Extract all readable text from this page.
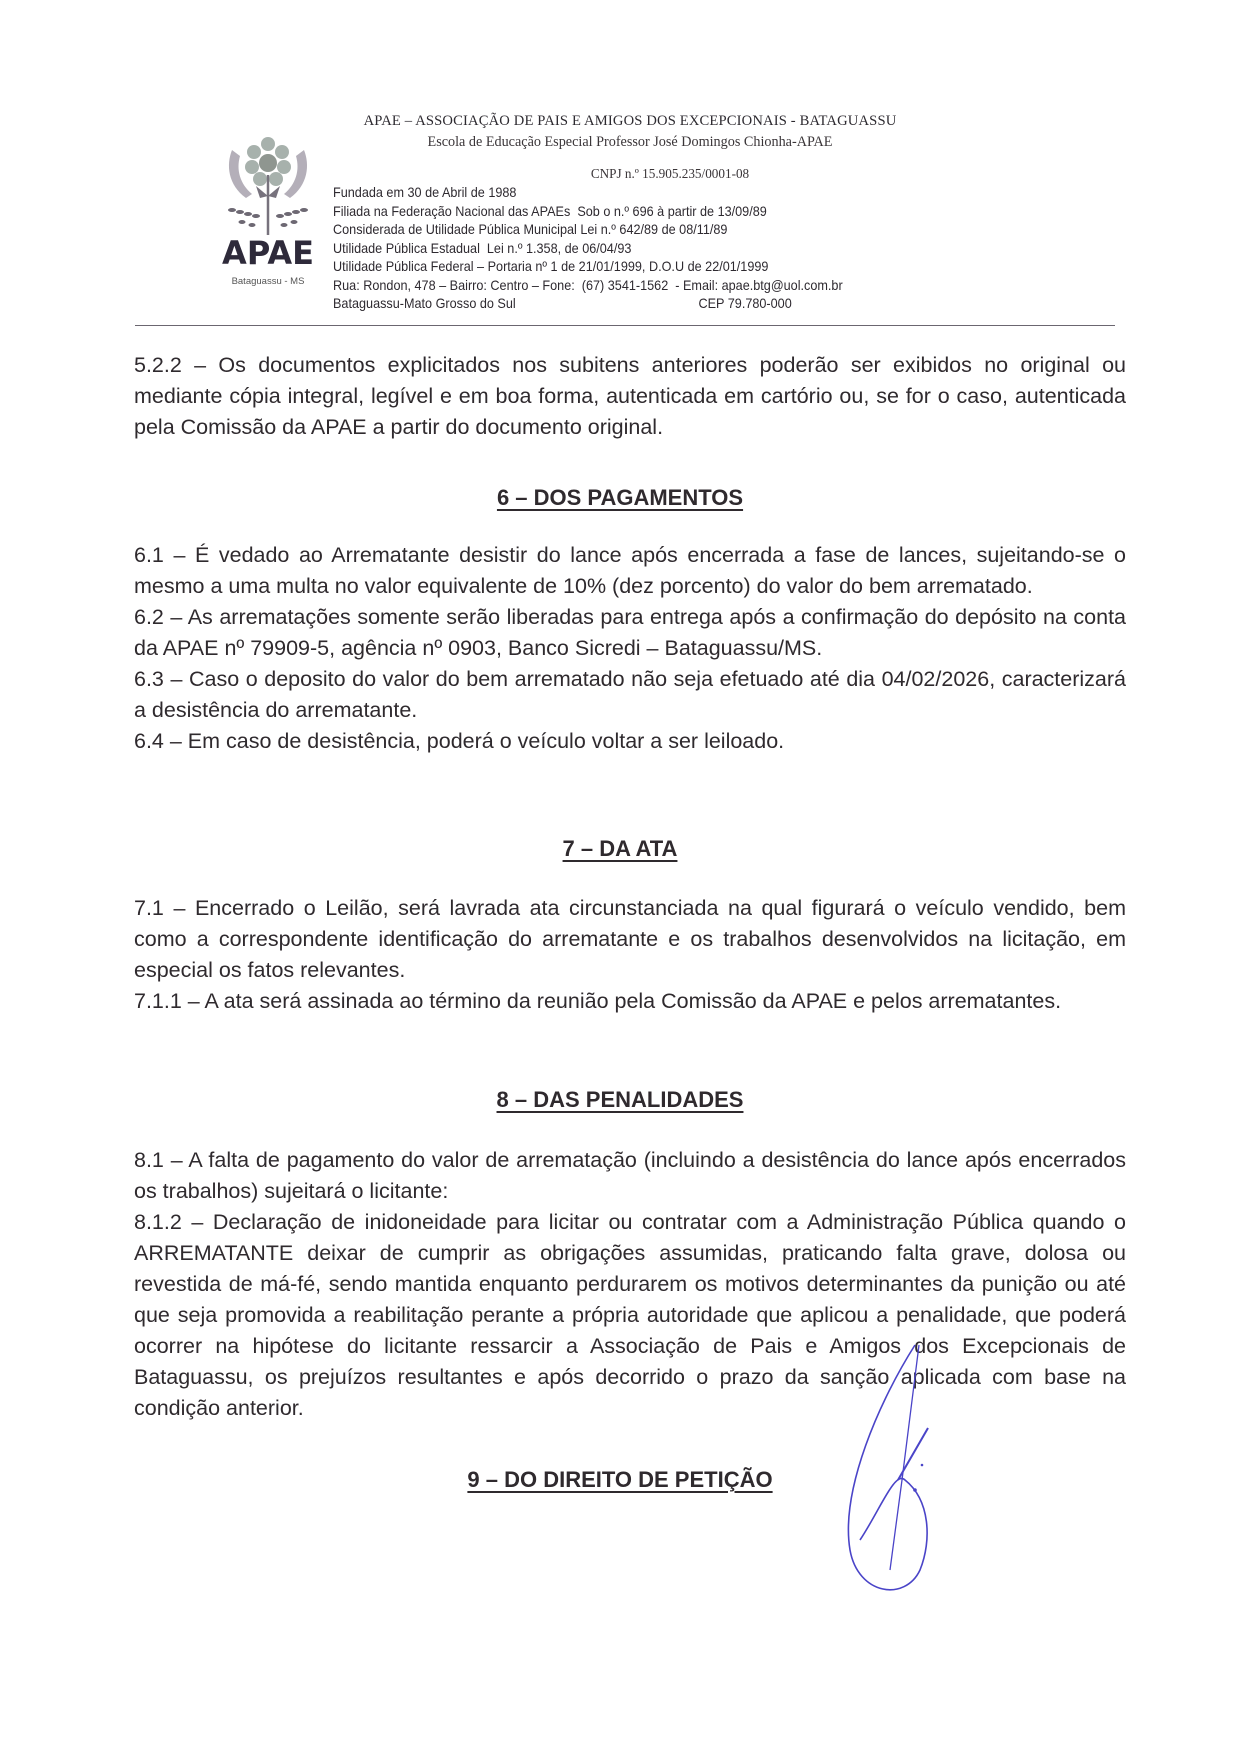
APAE
Bataguassu - MS
APAE – ASSOCIAÇÃO DE PAIS E AMIGOS DOS EXCEPCIONAIS - BATAGUASSU
Escola de Educação Especial Professor José Domingos Chionha-APAE
CNPJ n.º 15.905.235/0001-08
Fundada em 30 de Abril de 1988
Filiada na Federação Nacional das APAEs  Sob o n.º 696 à partir de 13/09/89
Considerada de Utilidade Pública Municipal Lei n.º 642/89 de 08/11/89
Utilidade Pública Estadual  Lei n.º 1.358, de 06/04/93
Utilidade Pública Federal – Portaria nº 1 de 21/01/1999, D.O.U de 22/01/1999
Rua: Rondon, 478 – Bairro: Centro – Fone:  (67) 3541-1562  - Email: apae.btg@uol.com.br
Bataguassu-Mato Grosso do Sul	CEP 79.780-000

5.2.2 – Os documentos explicitados nos subitens anteriores poderão ser exibidos no original ou mediante cópia integral, legível e em boa forma, autenticada em cartório ou, se for o caso, autenticada pela Comissão da APAE a partir do documento original.

6 – DOS PAGAMENTOS

6.1 – É vedado ao Arrematante desistir do lance após encerrada a fase de lances, sujeitando-se o mesmo a uma multa no valor equivalente de 10% (dez porcento) do valor do bem arrematado.

6.2 – As arrematações somente serão liberadas para entrega após a confirmação do depósito na conta da APAE nº 79909-5, agência nº 0903, Banco Sicredi – Bataguassu/MS.

6.3 – Caso o deposito do valor do bem arrematado não seja efetuado até dia 04/02/2026, caracterizará a desistência do arrematante.

6.4 – Em caso de desistência, poderá o veículo voltar a ser leiloado.

7 – DA ATA

7.1 – Encerrado o Leilão, será lavrada ata circunstanciada na qual figurará o veículo vendido, bem como a correspondente identificação do arrematante e os trabalhos desenvolvidos na licitação, em especial os fatos relevantes.

7.1.1 – A ata será assinada ao término da reunião pela Comissão da APAE e pelos arrematantes.

8 – DAS PENALIDADES

8.1 – A falta de pagamento do valor de arrematação (incluindo a desistência do lance após encerrados os trabalhos) sujeitará o licitante:

8.1.2 – Declaração de inidoneidade para licitar ou contratar com a Administração Pública quando o ARREMATANTE deixar de cumprir as obrigações assumidas, praticando falta grave, dolosa ou revestida de má-fé, sendo mantida enquanto perdurarem os motivos determinantes da punição ou até que seja promovida a reabilitação perante a própria autoridade que aplicou a penalidade, que poderá ocorrer na hipótese do licitante ressarcir a Associação de Pais e Amigos dos Excepcionais de Bataguassu, os prejuízos resultantes e após decorrido o prazo da sanção aplicada com base na condição anterior.

9 – DO DIREITO DE PETIÇÃO
